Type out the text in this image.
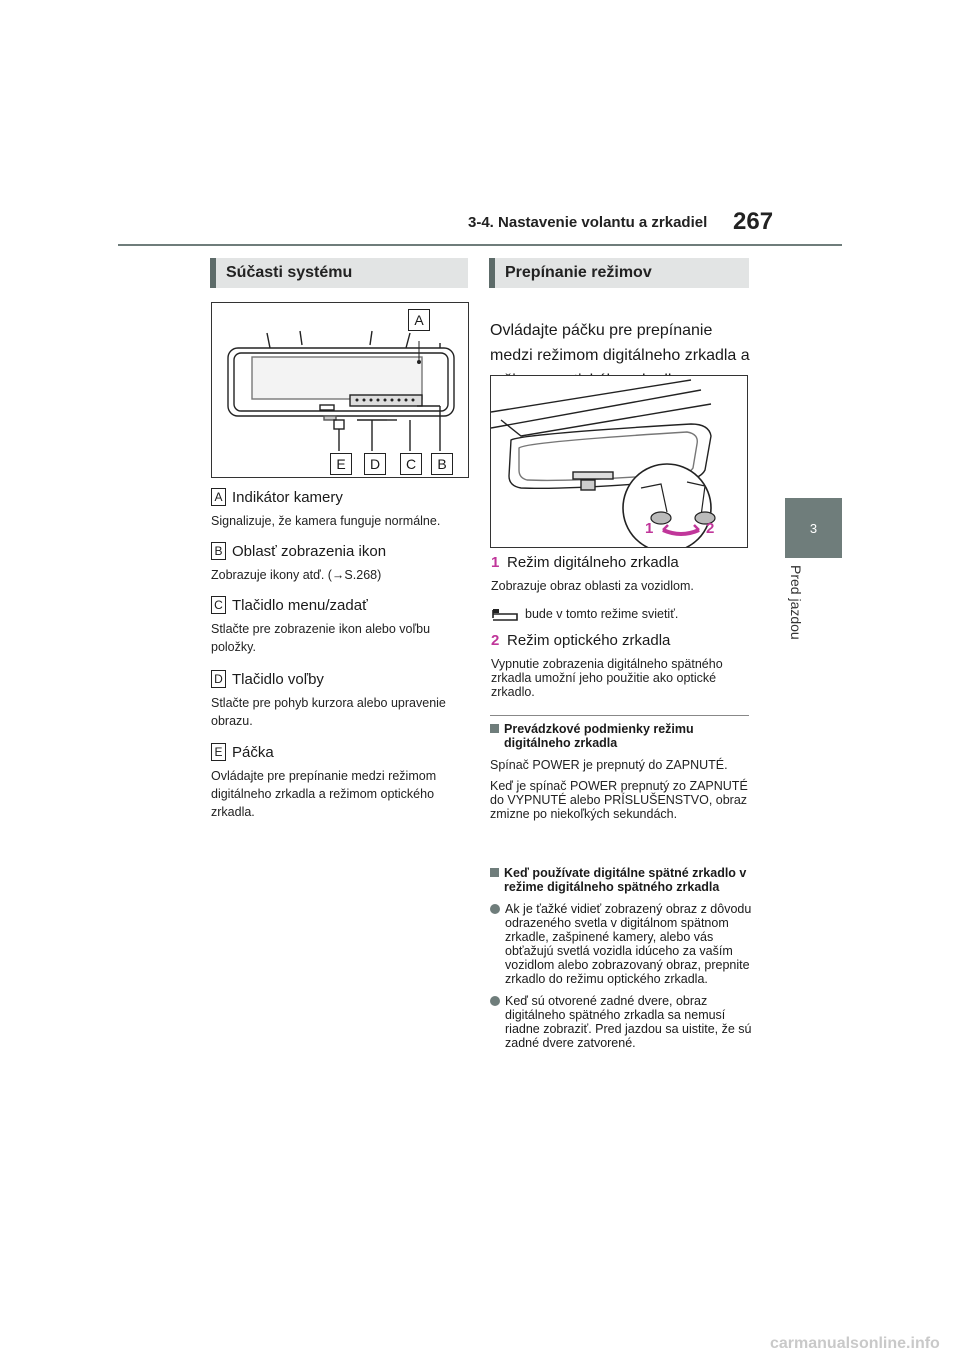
3-4. Nastavenie volantu a zrkadiel 267
3
Pred jazdou
Súčasti systému
A
E	D	C	B
A Indikátor kamery
Signalizuje, že kamera funguje normálne.
B Oblasť zobrazenia ikon
Zobrazuje ikony atď. (→S.268)
C Tlačidlo menu/zadať
Stlačte pre zobrazenie ikon alebo voľbu položky.
D Tlačidlo voľby
Stlačte pre pohyb kurzora alebo upravenie obrazu.
E Páčka
Ovládajte pre prepínanie medzi režimom digitálneho zrkadla a režimom optického zrkadla.
Prepínanie režimov
Ovládajte páčku pre prepínanie medzi režimom digitálneho zrkadla a
1	2
1 Režim digitálneho zrkadla
Zobrazuje obraz oblasti za vozidlom.
bude v tomto režime svietiť.
2 Režim optického zrkadla
Vypnutie zobrazenia digitálneho spätného zrkadla umožní jeho použitie ako optické zrkadlo.
Prevádzkové podmienky režimu digitálneho zrkadla
Spínač POWER je prepnutý do ZAPNUTÉ.
Keď je spínač POWER prepnutý zo ZAPNUTÉ do VYPNUTÉ alebo PRÍSLUŠENSTVO, obraz zmizne po niekoľkých sekundách.
Keď používate digitálne spätné zrkadlo v režime digitálneho spätného zrkadla
Ak je ťažké vidieť zobrazený obraz z dôvodu odrazeného svetla v digitálnom spätnom zrkadle, zašpinené kamery, alebo vás obťažujú svetlá vozidla idúceho za vaším vozidlom alebo zobrazovaný obraz, prepnite zrkadlo do režimu optického zrkadla.
Keď sú otvorené zadné dvere, obraz digitálneho spätného zrkadla sa nemusí riadne zobraziť. Pred jazdou sa uistite, že sú zadné dvere zatvorené.
carmanualsonline.info
